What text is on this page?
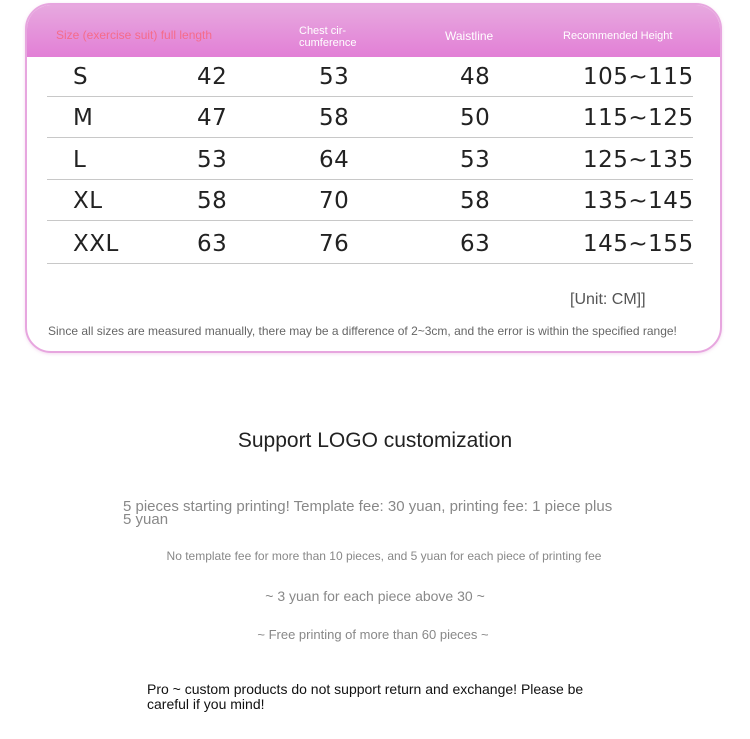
Size (exercise suit) full length	Chest cir-cumference	Waistline	Recommended Height
S	42	53	48	105~115
M	47	58	50	115~125
L	53	64	53	125~135
XL	58	70	58	135~145
XXL	63	76	63	145~155
[Unit: CM]]
Since all sizes are measured manually, there may be a difference of 2~3cm, and the error is within the specified range!
Support LOGO customization
5 pieces starting printing! Template fee: 30 yuan, printing fee: 1 piece plus 5 yuan
No template fee for more than 10 pieces, and 5 yuan for each piece of printing fee
~ 3 yuan for each piece above 30 ~
~ Free printing of more than 60 pieces ~
Pro ~ custom products do not support return and exchange! Please be careful if you mind!
